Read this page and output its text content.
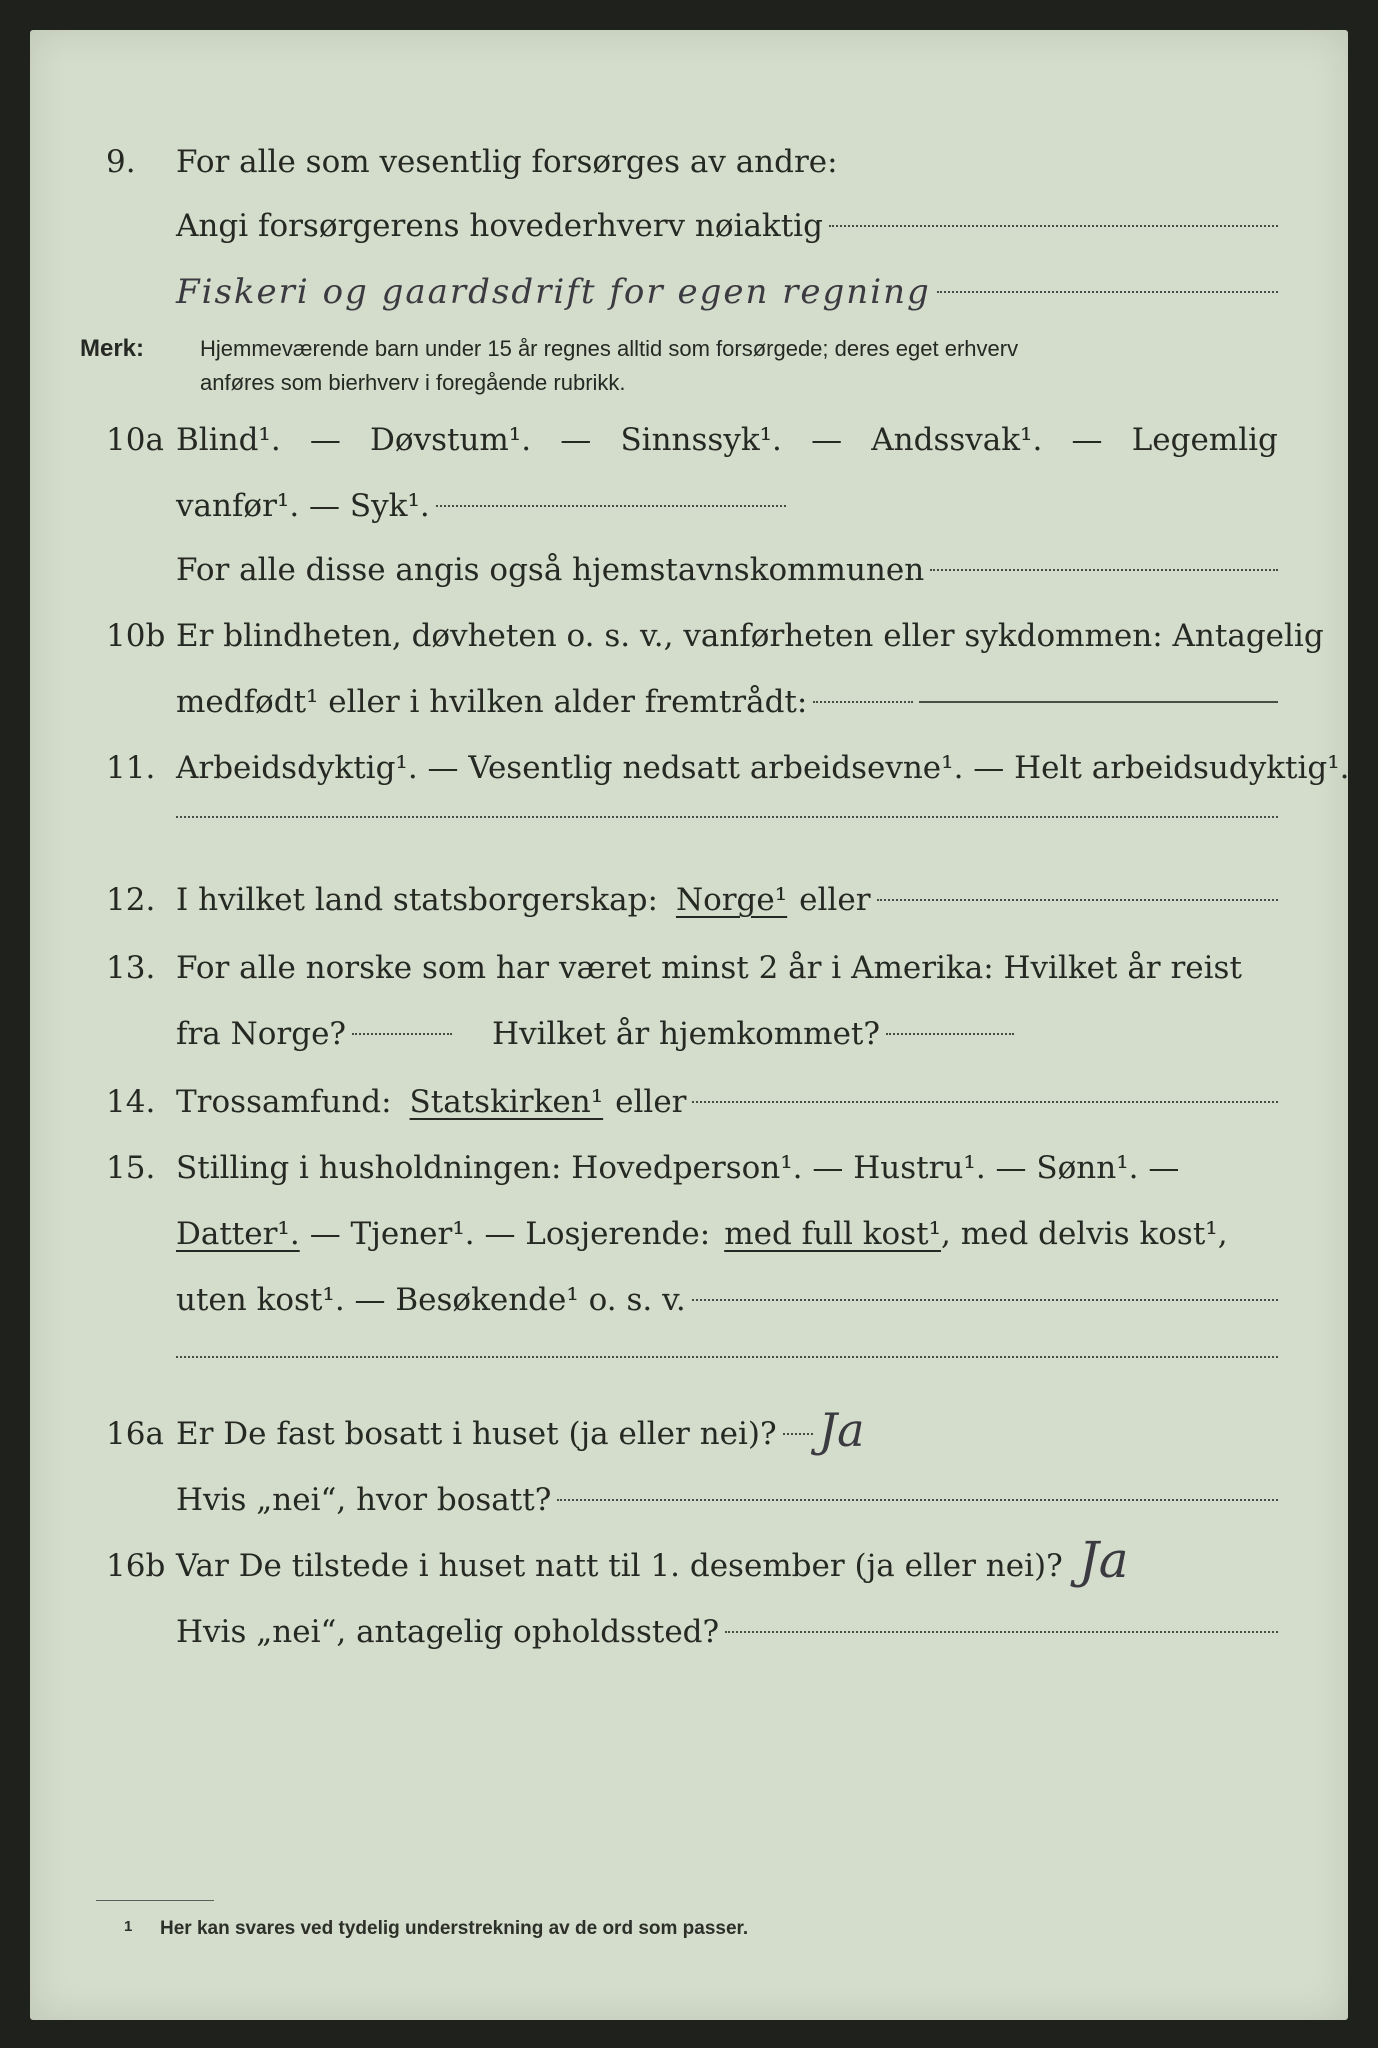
9.	For alle som vesentlig forsørges av andre:
Angi forsørgerens hovederhverv nøiaktig
Fiskeri og gaardsdrift for egen regning
Merk:	Hjemmeværende barn under 15 år regnes alltid som forsørgede; deres eget erhverv
anføres som bierhverv i foregående rubrikk.
10a Blind¹. — Døvstum¹. — Sinnssyk¹. — Andssvak¹. — Legemlig
vanfør¹. — Syk¹.
For alle disse angis også hjemstavnskommunen
10b Er blindheten, døvheten o. s. v., vanførheten eller sykdommen: Antagelig
medfødt¹ eller i hvilken alder fremtrådt:
11. Arbeidsdyktig¹. — Vesentlig nedsatt arbeidsevne¹. — Helt arbeidsudyktig¹.
12. I hvilket land statsborgerskap: Norge¹ eller
13. For alle norske som har været minst 2 år i Amerika: Hvilket år reist
fra Norge?	Hvilket år hjemkommet?
14. Trossamfund: Statskirken¹ eller
15. Stilling i husholdningen: Hovedperson¹. — Hustru¹. — Sønn¹. —
Datter¹. — Tjener¹. — Losjerende: med full kost¹ , med delvis kost¹,
uten kost¹. — Besøkende¹ o. s. v.
16a Er De fast bosatt i huset (ja eller nei)? Ja
Hvis „nei“, hvor bosatt?
16b Var De tilstede i huset natt til 1. desember (ja eller nei)? Ja
Hvis „nei“, antagelig opholdssted?
1 Her kan svares ved tydelig understrekning av de ord som passer.
